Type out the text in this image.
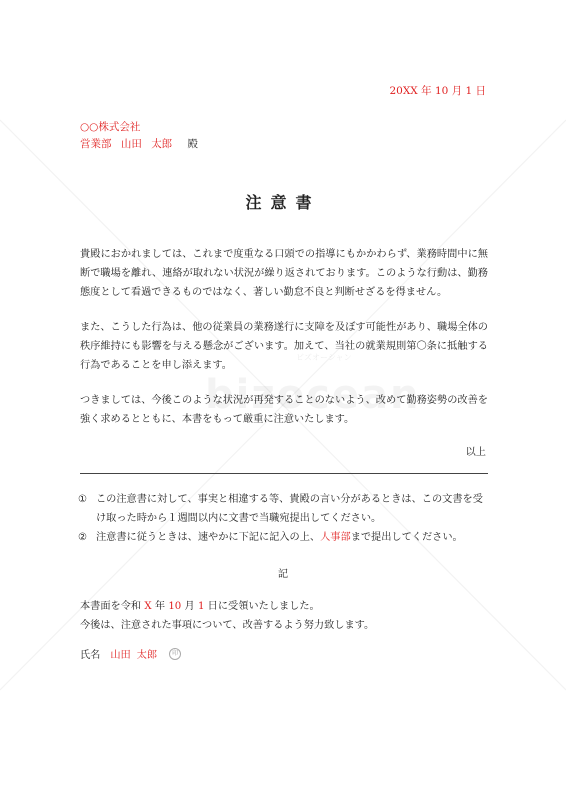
ビズオーシャン
20XX 年 10 月 1 日
○○株式会社
営業部 山田 太郎 殿
注意書
貴殿におかれましては、これまで度重なる口頭での指導にもかかわらず、業務時間中に無断で職場を離れ、連絡が取れない状況が繰り返されております。このような行動は、勤務態度として看過できるものではなく、著しい勤怠不良と判断せざるを得ません。
また、こうした行為は、他の従業員の業務遂行に支障を及ぼす可能性があり、職場全体の秩序維持にも影響を与える懸念がございます。加えて、当社の就業規則第〇条に抵触する行為であることを申し添えます。
つきましては、今後このような状況が再発することのないよう、改めて勤務姿勢の改善を強く求めるとともに、本書をもって厳重に注意いたします。
以上
① この注意書に対して、事実と相違する等、貴殿の言い分があるときは、この文書を受け取った時から１週間以内に文書で当職宛提出してください。
② 注意書に従うときは、速やかに下記に記入の上、人事部まで提出してください。
記
本書面を令和 X 年 10 月 1 日に受領いたしました。
今後は、注意された事項について、改善するよう努力致します。
氏名 山田 太郎	印
